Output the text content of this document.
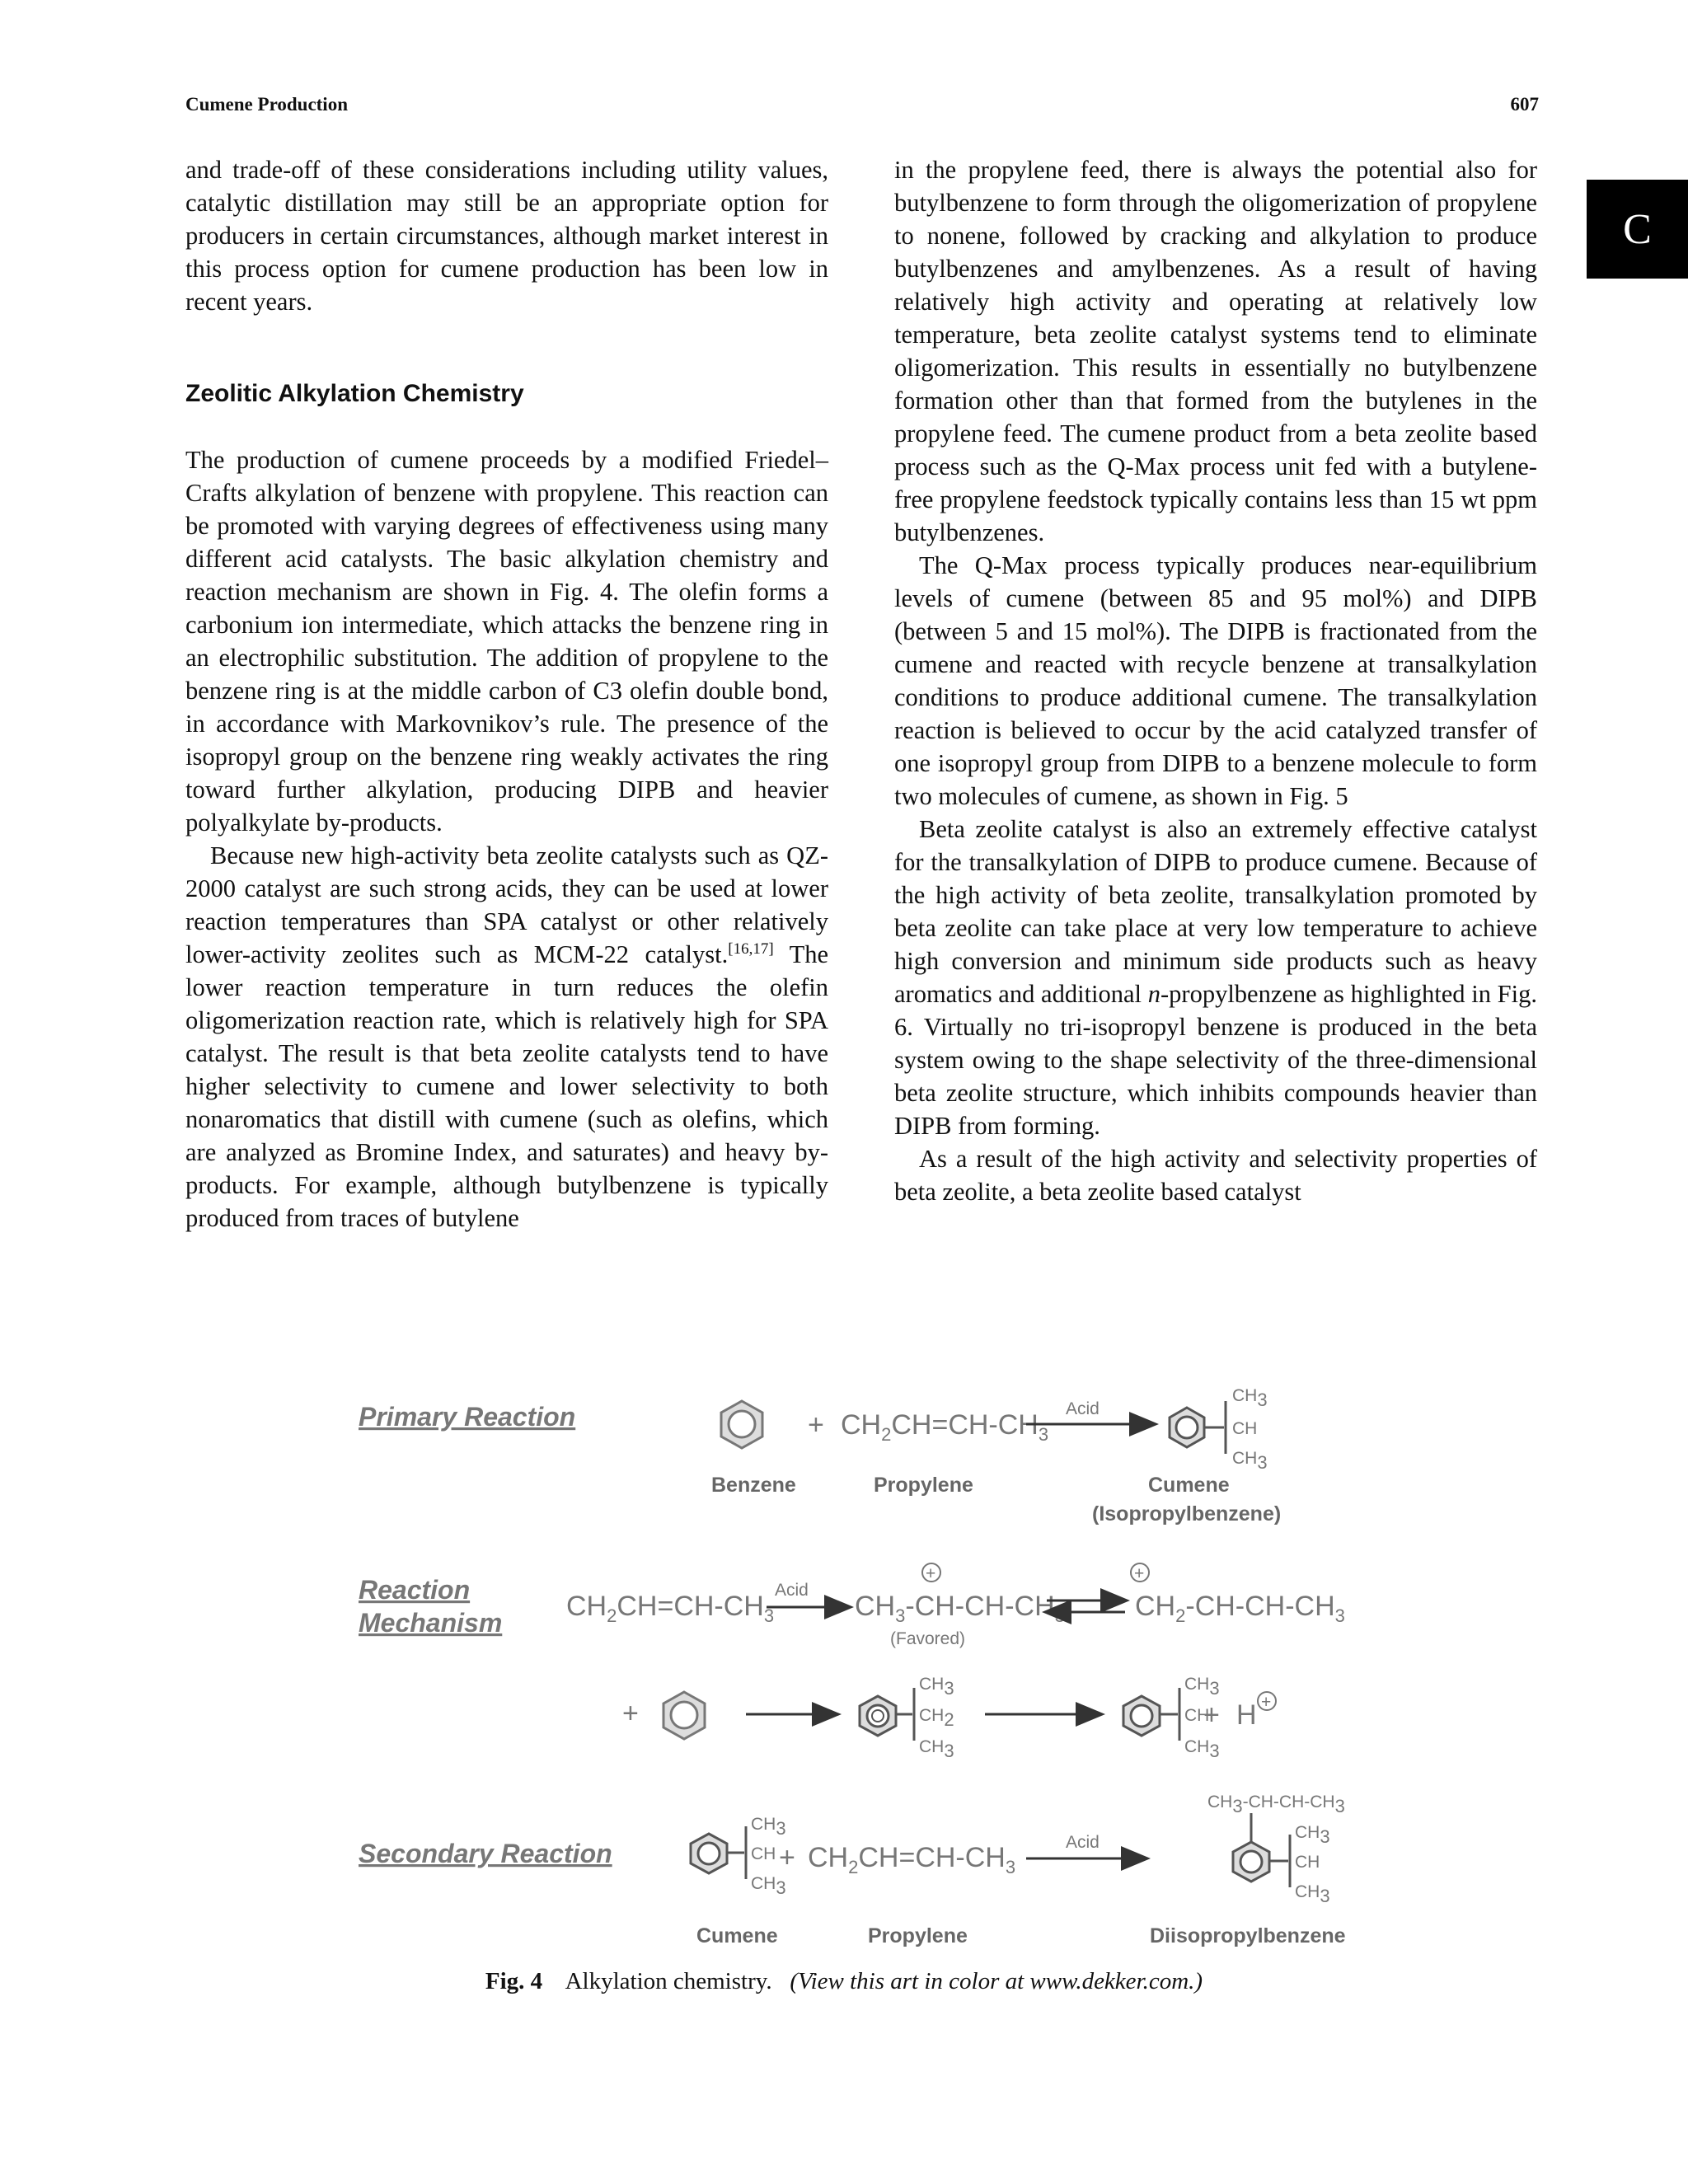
Cumene Production	607
C

and trade-off of these considerations including utility values, catalytic distillation may still be an appropriate option for producers in certain circumstances, although market interest in this process option for cumene production has been low in recent years.

Zeolitic Alkylation Chemistry

The production of cumene proceeds by a modified Friedel–Crafts alkylation of benzene with propylene. This reaction can be promoted with varying degrees of effectiveness using many different acid catalysts. The basic alkylation chemistry and reaction mechanism are shown in Fig. 4. The olefin forms a carbonium ion intermediate, which attacks the benzene ring in an electrophilic substitution. The addition of propylene to the benzene ring is at the middle carbon of C3 olefin double bond, in accordance with Markovnikov’s rule. The presence of the isopropyl group on the benzene ring weakly activates the ring toward further alkylation, producing DIPB and heavier polyalkylate by-products.

Because new high-activity beta zeolite catalysts such as QZ-2000 catalyst are such strong acids, they can be used at lower reaction temperatures than SPA catalyst or other relatively lower-activity zeolites such as MCM-22 catalyst.[16,17] The lower reaction temperature in turn reduces the olefin oligomerization reaction rate, which is relatively high for SPA catalyst. The result is that beta zeolite catalysts tend to have higher selectivity to cumene and lower selectivity to both nonaromatics that distill with cumene (such as olefins, which are analyzed as Bromine Index, and saturates) and heavy by-products. For example, although butylbenzene is typically produced from traces of butylene

in the propylene feed, there is always the potential also for butylbenzene to form through the oligomerization of propylene to nonene, followed by cracking and alkylation to produce butylbenzenes and amylbenzenes. As a result of having relatively high activity and operating at relatively low temperature, beta zeolite catalyst systems tend to eliminate oligomerization. This results in essentially no butylbenzene formation other than that formed from the butylenes in the propylene feed. The cumene product from a beta zeolite based process such as the Q-Max process unit fed with a butylene-free propylene feedstock typically contains less than 15 wt ppm butylbenzenes.

The Q-Max process typically produces near-equilibrium levels of cumene (between 85 and 95 mol%) and DIPB (between 5 and 15 mol%). The DIPB is fractionated from the cumene and reacted with recycle benzene at transalkylation conditions to produce additional cumene. The transalkylation reaction is believed to occur by the acid catalyzed transfer of one isopropyl group from DIPB to a benzene molecule to form two molecules of cumene, as shown in Fig. 5

Beta zeolite catalyst is also an extremely effective catalyst for the transalkylation of DIPB to produce cumene. Because of the high activity of beta zeolite, transalkylation promoted by beta zeolite can take place at very low temperature to achieve high conversion and minimum side products such as heavy aromatics and additional n-propylbenzene as highlighted in Fig. 6. Virtually no tri-isopropyl benzene is produced in the beta system owing to the shape selectivity of the three-dimensional beta zeolite structure, which inhibits compounds heavier than DIPB from forming.

As a result of the high activity and selectivity properties of beta zeolite, a beta zeolite based catalyst

Primary Reaction	+ $CH_2CH=CH-CH_3$
Acid
CH3
CH
CH3
Benzene	Propylene	Cumene
(Isopropylbenzene)
Reaction
Mechanism
$CH_2CH=CH-CH_3$
Acid
+
$CH_3-CH-CH-CH_3$
(Favored)
+
$CH_2-CH-CH-CH_3$
+
CH3
CH2
CH3
CH3
CH
CH3
+ H +
Secondary Reaction
CH3
CH
CH3
+ $CH_2CH=CH-CH_3$
Acid
CH3-CH-CH-CH3
CH3
CH
CH3
Cumene	Propylene	Diisopropylbenzene
Fig. 4 Alkylation chemistry. (View this art in color at www.dekker.com.)
